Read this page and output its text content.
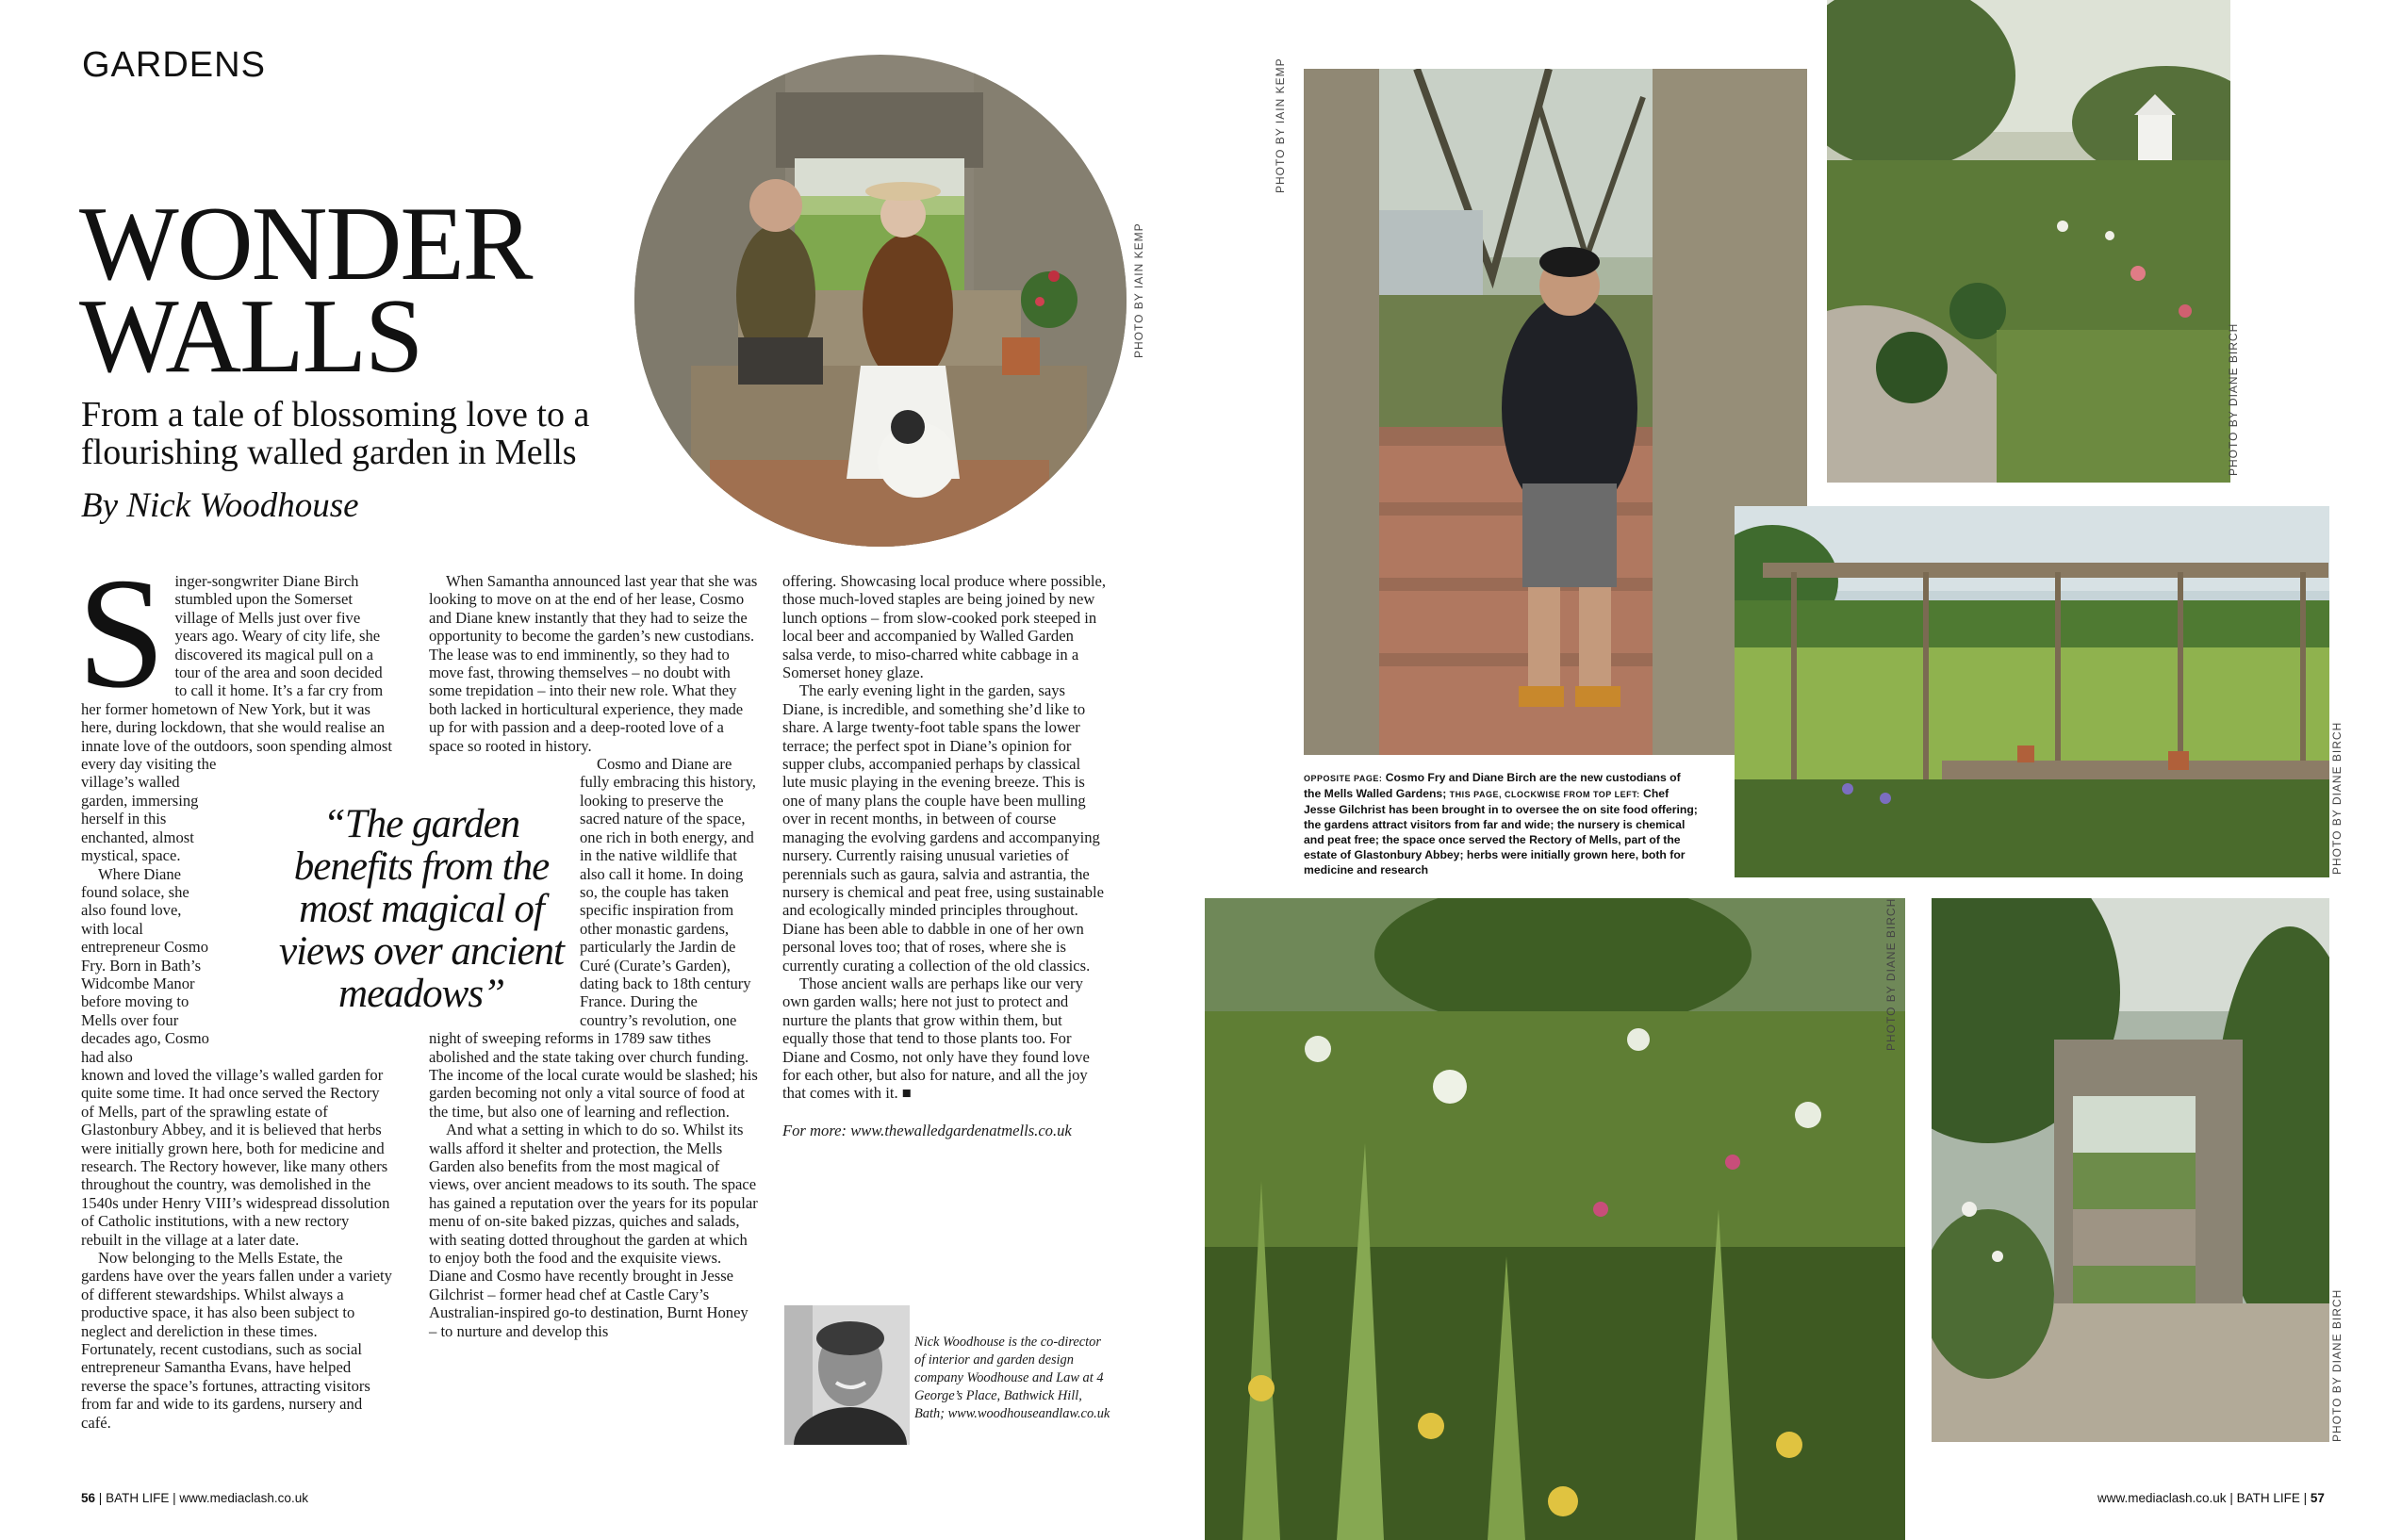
GARDENS
WONDER
WALLS
From a tale of blossoming love to a flourishing walled garden in Mells
By Nick Woodhouse
PHOTO BY IAIN KEMP

Singer-songwriter Diane Birch stumbled upon the Somerset village of Mells just over five years ago. Weary of city life, she discovered its magical pull on a tour of the area and soon decided to call it home. It’s a far cry from her former hometown of New York, but it was here, during lockdown, that she would realise an innate love of the outdoors, soon spending almost every day visiting the

village’s walled garden, immersing herself in this enchanted, almost mystical, space.

Where Diane found solace, she also found love, with local entrepreneur Cosmo Fry. Born in Bath’s Widcombe Manor before moving to Mells over four decades ago, Cosmo had also

known and loved the village’s walled garden for quite some time. It had once served the Rectory of Mells, part of the sprawling estate of Glastonbury Abbey, and it is believed that herbs were initially grown here, both for medicine and research. The Rectory however, like many others throughout the country, was demolished in the 1540s under Henry VIII’s widespread dissolution of Catholic institutions, with a new rectory rebuilt in the village at a later date.

Now belonging to the Mells Estate, the gardens have over the years fallen under a variety of different stewardships. Whilst always a productive space, it has also been subject to neglect and dereliction in these times. Fortunately, recent custodians, such as social entrepreneur Samantha Evans, have helped reverse the space’s fortunes, attracting visitors from far and wide to its gardens, nursery and café.

When Samantha announced last year that she was looking to move on at the end of her lease, Cosmo and Diane knew instantly that they had to seize the opportunity to become the garden’s new custodians. The lease was to end imminently, so they had to move fast, throwing themselves – no doubt with some trepidation – into their new role. What they both lacked in horticultural experience, they made up for with passion and a deep-rooted love of a space so rooted in history.

Cosmo and Diane are fully embracing this history, looking to preserve the sacred nature of the space, one rich in both energy, and in the native wildlife that also call it home. In doing so, the couple has taken specific inspiration from other monastic gardens, particularly the Jardin de Curé (Curate’s Garden), dating back to 18th century France. During the country’s revolution, one night of sweeping reforms in 1789 saw tithes abolished and the state taking over church funding. The income of the local curate would be slashed; his garden becoming not only a vital source of food at the time, but also one of learning and reflection.

And what a setting in which to do so. Whilst its walls afford it shelter and protection, the Mells Garden also benefits from the most magical of views, over ancient meadows to its south. The space has gained a reputation over the years for its popular menu of on-site baked pizzas, quiches and salads, with seating dotted throughout the garden at which to enjoy both the food and the exquisite views. Diane and Cosmo have recently brought in Jesse Gilchrist – former head chef at Castle Cary’s Australian-inspired go-to destination, Burnt Honey – to nurture and develop this

“The garden benefits from the most magical of views over ancient meadows”

offering. Showcasing local produce where possible, those much-loved staples are being joined by new lunch options – from slow-cooked pork steeped in local beer and accompanied by Walled Garden salsa verde, to miso-charred white cabbage in a Somerset honey glaze.

The early evening light in the garden, says Diane, is incredible, and something she’d like to share. A large twenty-foot table spans the lower terrace; the perfect spot in Diane’s opinion for supper clubs, accompanied perhaps by classical lute music playing in the evening breeze. This is one of many plans the couple have been mulling over in recent months, in between of course managing the evolving gardens and accompanying nursery. Currently raising unusual varieties of perennials such as gaura, salvia and astrantia, the nursery is chemical and peat free, using sustainable and ecologically minded principles throughout. Diane has been able to dabble in one of her own personal loves too; that of roses, where she is currently curating a collection of the old classics.

Those ancient walls are perhaps like our very own garden walls; here not just to protect and nurture the plants that grow within them, but equally those that tend to those plants too. For Diane and Cosmo, not only have they found love for each other, but also for nature, and all the joy that comes with it. ■

For more: www.thewalledgardenatmells.co.uk

Nick Woodhouse is the co-director of interior and garden design company Woodhouse and Law at 4 George’s Place, Bathwick Hill, Bath; www.woodhouseandlaw.co.uk
56 | BATH LIFE | www.mediaclash.co.uk
PHOTO BY IAIN KEMP
PHOTO BY DIANE BIRCH
PHOTO BY DIANE BIRCH
OPPOSITE PAGE: Cosmo Fry and Diane Birch are the new custodians of the Mells Walled Gardens; THIS PAGE, CLOCKWISE FROM TOP LEFT: Chef Jesse Gilchrist has been brought in to oversee the on site food offering; the gardens attract visitors from far and wide; the nursery is chemical and peat free; the space once served the Rectory of Mells, part of the estate of Glastonbury Abbey; herbs were initially grown here, both for medicine and research
PHOTO BY DIANE BIRCH
PHOTO BY DIANE BIRCH
www.mediaclash.co.uk | BATH LIFE | 57
